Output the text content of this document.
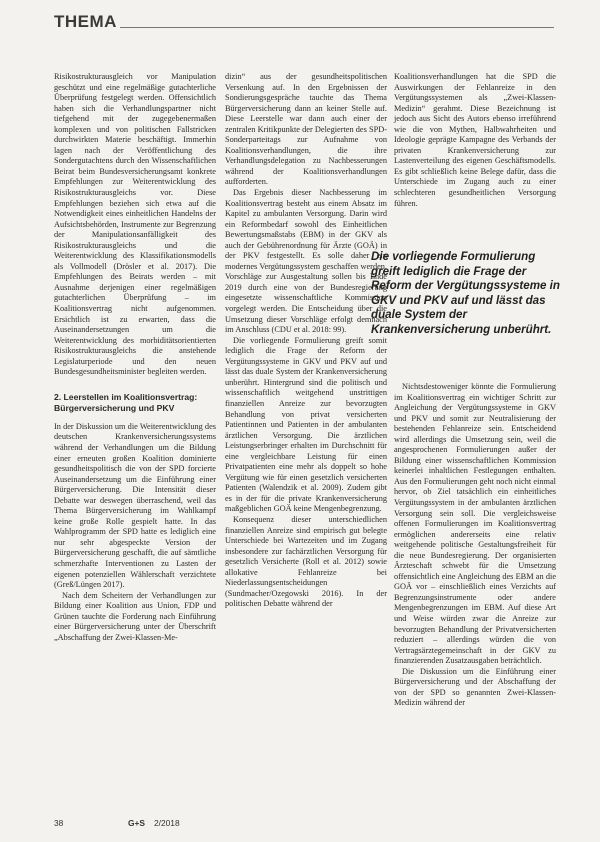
THEMA

Risikostrukturausgleich vor Manipulation geschützt und eine regelmäßige gutachterliche Überprüfung festgelegt werden. Offensichtlich haben sich die Verhandlungspartner nicht tiefgehend mit der zugegebenermaßen komplexen und von politischen Fallstricken durchwirkten Materie beschäftigt. Immerhin lagen nach der Veröffentlichung des Sondergutachtens durch den Wissenschaftlichen Beirat beim Bundesversicherungsamt konkrete Empfehlungen zur Weiterentwicklung des Risikostrukturausgleichs vor. Diese Empfehlungen beziehen sich etwa auf die Notwendigkeit eines einheitlichen Handelns der Aufsichtsbehörden, Instrumente zur Begrenzung der Manipulationsanfälligkeit des Risikostrukturausgleichs und die Weiterentwicklung des Klassifikationsmodells als Vollmodell (Drösler et al. 2017). Die Empfehlungen des Beirats werden – mit Ausnahme derjenigen einer regelmäßigen gutachterlichen Überprüfung – im Koalitionsvertrag nicht aufgenommen. Ersichtlich ist zu erwarten, dass die Auseinandersetzungen um die Weiterentwicklung des morbiditätsorientierten Risikostrukturausgleichs die anstehende Legislaturperiode und den neuen Bundesgesundheitsminister begleiten werden.

2. Leerstellen im Koalitionsvertrag: Bürgerversicherung und PKV

In der Diskussion um die Weiterentwicklung des deutschen Krankenversicherungssystems während der Verhandlungen um die Bildung einer erneuten großen Koalition dominierte gesundheitspolitisch die von der SPD forcierte Auseinandersetzung um die Einführung einer Bürgerversicherung. Die Intensität dieser Debatte war deswegen überraschend, weil das Thema Bürgerversicherung im Wahlkampf keine große Rolle gespielt hatte. In das Wahlprogramm der SPD hatte es lediglich eine nur sehr abgespeckte Version der Bürgerversicherung geschafft, die auf sämtliche schmerzhafte Interventionen zu Lasten der eigenen potenziellen Wählerschaft verzichtete (Greß/Lüngen 2017).

Nach dem Scheitern der Verhandlungen zur Bildung einer Koalition aus Union, FDP und Grünen tauchte die Forderung nach Einführung einer Bürgerversicherung unter der Überschrift „Abschaffung der Zwei-Klassen-Me-

dizin“ aus der gesundheitspolitischen Versenkung auf. In den Ergebnissen der Sondierungsgespräche tauchte das Thema Bürgerversicherung dann an keiner Stelle auf. Diese Leerstelle war dann auch einer der zentralen Kritikpunkte der Delegierten des SPD-Sonderparteitags zur Aufnahme von Koalitionsverhandlungen, die ihre Verhandlungsdelegation zu Nachbesserungen während der Koalitionsverhandlungen aufforderten.

Das Ergebnis dieser Nachbesserung im Koalitionsvertrag besteht aus einem Absatz im Kapitel zu ambulanten Versorgung. Darin wird ein Reformbedarf sowohl des Einheitlichen Bewertungsmaßstabs (EBM) in der GKV als auch der Gebührenordnung für Ärzte (GOÄ) in der PKV festgestellt. Es solle daher ein modernes Vergütungssystem geschaffen werden. Vorschläge zur Ausgestaltung sollen bis Ende 2019 durch eine von der Bundesregierung eingesetzte wissenschaftliche Kommission vorgelegt werden. Die Entscheidung über die Umsetzung dieser Vorschläge erfolgt demnach im Anschluss (CDU et al. 2018: 99).

Die vorliegende Formulierung greift somit lediglich die Frage der Reform der Vergütungssysteme in GKV und PKV auf und lässt das duale System der Krankenversicherung unberührt. Hintergrund sind die politisch und wissenschaftlich weitgehend unstrittigen finanziellen Anreize zur bevorzugten Behandlung von privat versicherten Patientinnen und Patienten in der ambulanten ärztlichen Versorgung. Die ärztlichen Leistungserbringer erhalten im Durchschnitt für eine vergleichbare Leistung für einen Privatpatienten eine mehr als doppelt so hohe Vergütung wie für einen gesetzlich versicherten Patienten (Walendzik et al. 2009). Zudem gibt es in der für die private Krankenversicherung maßgeblichen GOÄ keine Mengenbegrenzung.

Konsequenz dieser unterschiedlichen finanziellen Anreize sind empirisch gut belegte Unterschiede bei Wartezeiten und im Zugang insbesondere zur fachärztlichen Versorgung für gesetzlich Versicherte (Roll et al. 2012) sowie allokative Fehlanreize bei Niederlassungsentscheidungen (Sundmacher/Ozegowski 2016). In der politischen Debatte während der

Koalitionsverhandlungen hat die SPD die Auswirkungen der Fehlanreize in den Vergütungssystemen als „Zwei-Klassen-Medizin“ gerahmt. Diese Bezeichnung ist jedoch aus Sicht des Autors ebenso irreführend wie die von Mythen, Halbwahrheiten und Ideologie geprägte Kampagne des Verbands der privaten Krankenversicherung zur Lastenverteilung des eigenen Geschäftsmodells. Es gibt schließlich keine Belege dafür, dass die Unterschiede im Zugang auch zu einer schlechteren gesundheitlichen Versorgung führen.

Die vorliegende Formulierung greift lediglich die Frage der Reform der Vergütungssysteme in GKV und PKV auf und lässt das duale System der Krankenversicherung unberührt.

Nichtsdestoweniger könnte die Formulierung im Koalitionsvertrag ein wichtiger Schritt zur Angleichung der Vergütungssysteme in GKV und PKV und somit zur Neutralisierung der bestehenden Fehlanreize sein. Entscheidend wird allerdings die Umsetzung sein, weil die angesprochenen Formulierungen außer der Bildung einer wissenschaftlichen Kommission keinerlei inhaltlichen Festlegungen enthalten. Aus den Formulierungen geht noch nicht einmal hervor, ob Ziel tatsächlich ein einheitliches Vergütungssystem in der ambulanten ärztlichen Versorgung sein soll. Die vergleichsweise offenen Formulierungen im Koalitionsvertrag ermöglichen andererseits eine relativ weitgehende politische Gestaltungsfreiheit für die neue Bundesregierung. Der organisierten Ärzteschaft schwebt für die Umsetzung offensichtlich eine Angleichung des EBM an die GOÄ vor – einschließlich eines Verzichts auf Begrenzungsinstrumente oder andere Mengenbegrenzungen im EBM. Auf diese Art und Weise würden zwar die Anreize zur bevorzugten Behandlung der Privatversicherten reduziert – allerdings würden die von Vertragsärztegemeinschaft in der GKV zu finanzierenden Zusatzausgaben beträchtlich.

Die Diskussion um die Einführung einer Bürgerversicherung und der Abschaffung der von der SPD so genannten Zwei-Klassen-Medizin während der

38	G+S 2/2018
